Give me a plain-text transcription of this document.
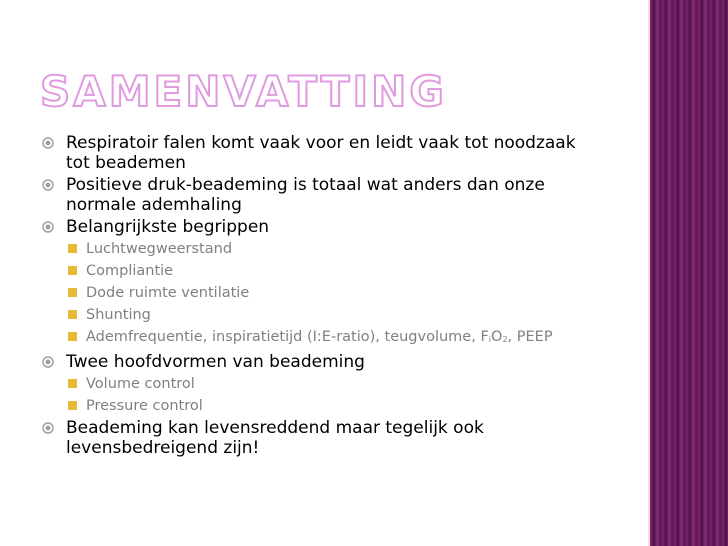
SAMENVATTING
Respiratoir falen komt vaak voor en leidt vaak tot noodzaak tot beademen
Positieve druk-beademing is totaal wat anders dan onze normale ademhaling
Belangrijkste begrippen
Luchtwegweerstand
Compliantie
Dode ruimte ventilatie
Shunting
Ademfrequentie, inspiratietijd (I:E-ratio), teugvolume, $F_iO_2$, PEEP
Twee hoofdvormen van beademing
Volume control
Pressure control
Beademing kan levensreddend maar tegelijk ook levensbedreigend zijn!
